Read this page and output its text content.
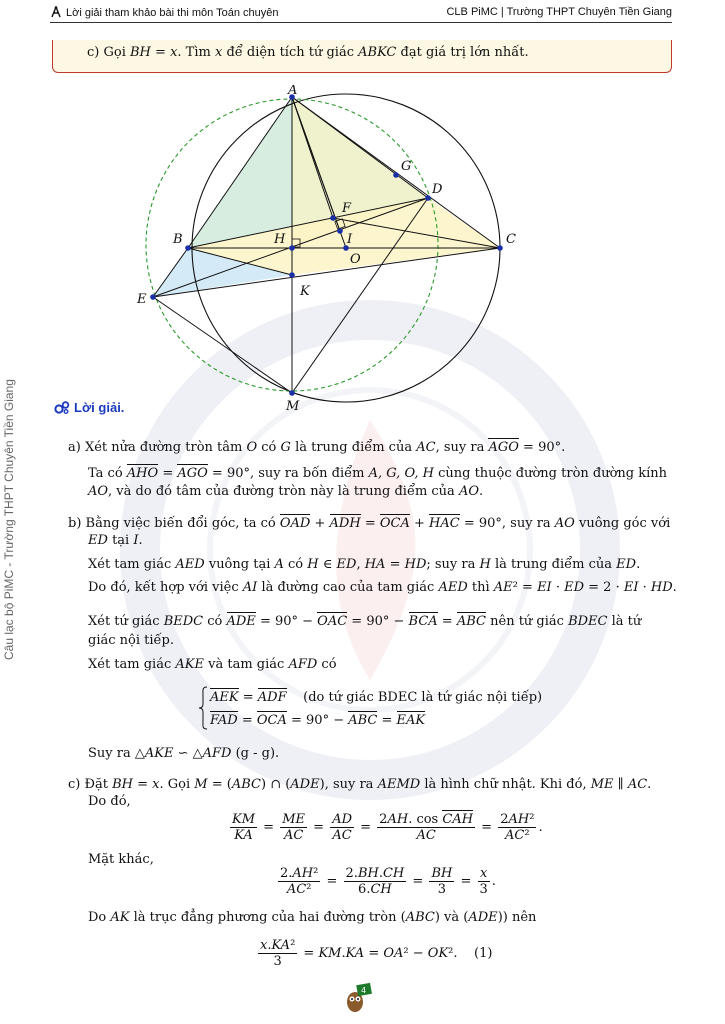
Lời giải tham khảo bài thi môn Toán chuyên	CLB PiMC | Trường THPT Chuyên Tiền Giang
Câu lạc bộ PiMC - Trường THPT Chuyên Tiền Giang
c) Gọi BH = x. Tìm x để diện tích tứ giác ABKC đạt giá trị lớn nhất.
A
B	C
D
E
F
G
H	I
K
M
O
Lời giải.
a) Xét nửa đường tròn tâm O có G là trung điểm của AC, suy ra AGO = 90°.
Ta có AHO = AGO = 90°, suy ra bốn điểm A, G, O, H cùng thuộc đường tròn đường kính
AO, và do đó tâm của đường tròn này là trung điểm của AO.
b) Bằng việc biến đổi góc, ta có OAD + ADH = OCA + HAC = 90°, suy ra AO vuông góc với
ED tại I.
Xét tam giác AED vuông tại A có H ∈ ED, HA = HD; suy ra H là trung điểm của ED.
Do đó, kết hợp với việc AI là đường cao của tam giác AED thì AE² = EI · ED = 2 · EI · HD.
Xét tứ giác BEDC có ADE = 90° − OAC = 90° − BCA = ABC nên tứ giác BDEC là tứ
giác nội tiếp.
Xét tam giác AKE và tam giác AFD có
AEK = ADF (do tứ giác BDEC là tứ giác nội tiếp)
FAD = OCA = 90° − ABC = EAK
Suy ra △AKE ∽ △AFD (g - g).
c) Đặt BH = x. Gọi M = (ABC) ∩ (ADE), suy ra AEMD là hình chữ nhật. Khi đó, ME ∥ AC.
Do đó,
$\frac{KM}{KA} = \frac{ME}{AC} = \frac{AD}{AC} = \frac{\text{2AH. cos CAH}}{AC} = \frac{\text{2AH²}}{\text{AC²}}$ .
Mặt khác,
$\frac{\text{2.AH²}}{\text{AC²}} = \frac{2.BH.CH}{6.CH} = \frac{BH}{3} = \frac{x}{3}$ .
Do AK là trục đẳng phương của hai đường tròn (ABC) và (ADE)) nên
$\frac{\text{x.KA²}}{3} = KM.KA = OA^2 - OK^2$.    (1)
4
